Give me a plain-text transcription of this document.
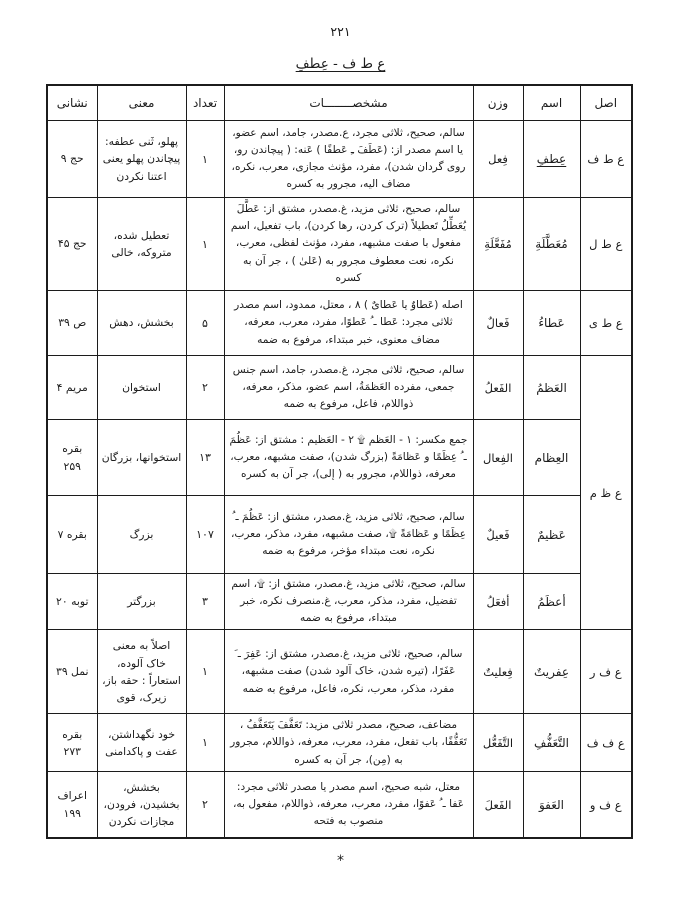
۲۲۱
ع ط ف - عِطفِ
اصل	اسم	وزن	مشخصــــــــات	تعداد	معنی	نشانی
ع ط ف	عِطفِ	فِعل	سالم، صحیح، ثلاثی مجرد، ع.مصدر، جامد، اسم عضو، یا اسم مصدر از: (عَطَفَ ـِ عَطفًا ) عَنه: ( پیچاندن رو، روی گردان شدن)، مفرد، مؤنث مجازی، معرب، نکره، مضاف الیه، مجرور به کسره	۱	پهلو، ثَنی عطفه: پیچاندن پهلو یعنی اعتنا نکردن	حج ۹
ع ط ل	مُعَطَّلَةِ	مُفَعَّلَةِ	سالم، صحیح، ثلاثی مزید، غ.مصدر، مشتق از: عَطَّلَ یُعَطِّلُ تَعطیلاً (ترک کردن، رها کردن)، باب تفعیل، اسم مفعول با صفت مشبهه، مفرد، مؤنث لفظی، معرب، نکره، نعت معطوف مجرور به (عَلیٰ ) ، جر آن به کسره	۱	تعطیل شده، متروکه، خالی	حج ۴۵
ع ط ی	عَطاءُ	فَعالٌ	اصله (عَطاوٌ یا عَطایٌ ) ۸ ، معتل، ممدود، اسم مصدر ثلاثی مجرد: عَطا ـ ُ عَطوًا، مفرد، معرب، معرفه، مضاف معنوی، خبر مبتداء، مرفوع به ضمه	۵	بخشش، دهش	ص ۳۹
ع ظ م	العَظمُ	الفَعلُ	سالم، صحیح، ثلاثی مجرد، غ.مصدر، جامد، اسم جنس جمعی، مفرده العَظمَةُ، اسم عضو، مذکر، معرفه، ذواللام، فاعل، مرفوع به ضمه	۲	استخوان	مریم ۴
	العِظام	الفِعال	جمع مکسر: ۱ - العَظم ۩ ۲ - العَظیم : مشتق از: عَظُمَ ـ ُ عِظَمًا و عَظامَةً (بزرگ شدن)، صفت مشبهه، معرب، معرفه، ذواللام، مجرور به ( إلی)، جر آن به کسره	۱۳	استخوانها، بزرگان	بقره ۲۵۹
	عَظیمٌ	فَعیلٌ	سالم، صحیح، ثلاثی مزید، غ.مصدر، مشتق از: عَظُمَ ـ ُ عِظَمًا و عَظامَةً ۩، صفت مشبهه، مفرد، مذکر، معرب، نکره، نعت مبتداء مؤخر، مرفوع به ضمه	۱۰۷	بزرگ	بقره ۷
	أعظَمُ	أفعَلُ	سالم، صحیح، ثلاثی مزید، غ.مصدر، مشتق از: ۩، اسم تفضیل، مفرد، مذکر، معرب، غ.منصرف نکره، خبر مبتداء، مرفوع به ضمه	۳	بزرگتر	توبه ۲۰
ع ف ر	عِفریتٌ	فِعلیتٌ	سالم، صحیح، ثلاثی مزید، غ.مصدر، مشتق از: عَفِرَ ـ َ عَفَرًا، (تیره شدن، خاک آلود شدن) صفت مشبهه، مفرد، مذکر، معرب، نکره، فاعل، مرفوع به ضمه	۱	اصلاً به معنی خاک آلوده، استعاراً : حقه باز، زیرک، قوی	نمل ۳۹
ع ف ف	التَّعَفُّفِ	التَّفَعُّل	مضاعف، صحیح، مصدر ثلاثی مزید: تَعَفَّفَ یَتَعَفَّفُ ، تَعَفُّفًا، باب تفعل، مفرد، معرب، معرفه، ذواللام، مجرور به (مِن)، جر آن به کسره	۱	خود نگهداشتن، عفت و پاکدامنی	بقره ۲۷۳
ع ف و	العَفوَ	الفَعلَ	معتل، شبه صحیح، اسم مصدر یا مصدر ثلاثی مجرد: عَفا ـ ُ عَفوًا، مفرد، معرب، معرفه، ذواللام، مفعول به، منصوب به فتحه	۲	بخشش، بخشیدن، فرودن، مجازات نکردن	اعراف ۱۹۹
*
